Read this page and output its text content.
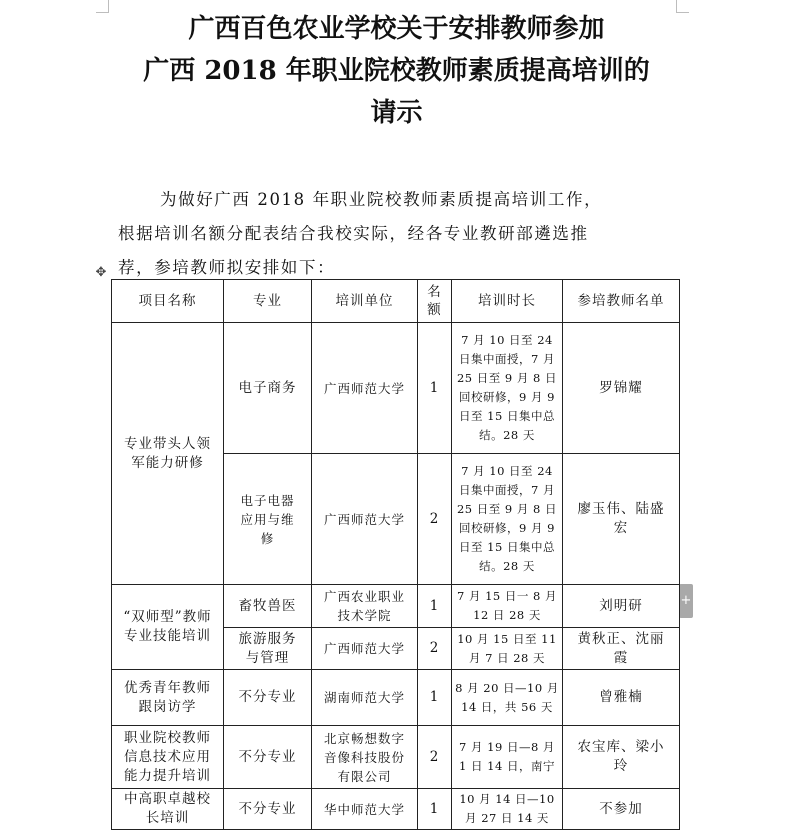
广西百色农业学校关于安排教师参加
广西 2018 年职业院校教师素质提高培训的
请示

为做好广西 2018 年职业院校教师素质提高培训工作，

根据培训名额分配表结合我校实际，经各专业教研部遴选推

荐，参培教师拟安排如下：

✥
+
项目名称	专业	培训单位	名额	培训时长	参培教师名单
专业带头人领军能力研修	电子商务	广西师范大学	1	7 月 10 日至 24 日集中面授，7 月 25 日至 9 月 8 日回校研修，9 月 9 日至 15 日集中总结。28 天	罗锦耀
	电子电器应用与维修	广西师范大学	2	7 月 10 日至 24 日集中面授，7 月 25 日至 9 月 8 日回校研修，9 月 9 日至 15 日集中总结。28 天	廖玉伟、陆盛宏
“双师型”教师专业技能培训	畜牧兽医	广西农业职业技术学院	1	7 月 15 日一 8 月 12 日 28 天	刘明研
	旅游服务与管理	广西师范大学	2	10 月 15 日至 11 月 7 日 28 天	黄秋正、沈丽霞
优秀青年教师跟岗访学	不分专业	湖南师范大学	1	8 月 20 日—10 月 14 日，共 56 天	曾雅楠
职业院校教师信息技术应用能力提升培训	不分专业	北京畅想数字音像科技股份有限公司	2	7 月 19 日—8 月 1 日 14 日，南宁	农宝库、梁小玲
中高职卓越校长培训	不分专业	华中师范大学	1	10 月 14 日—10 月 27 日 14 天	不参加
